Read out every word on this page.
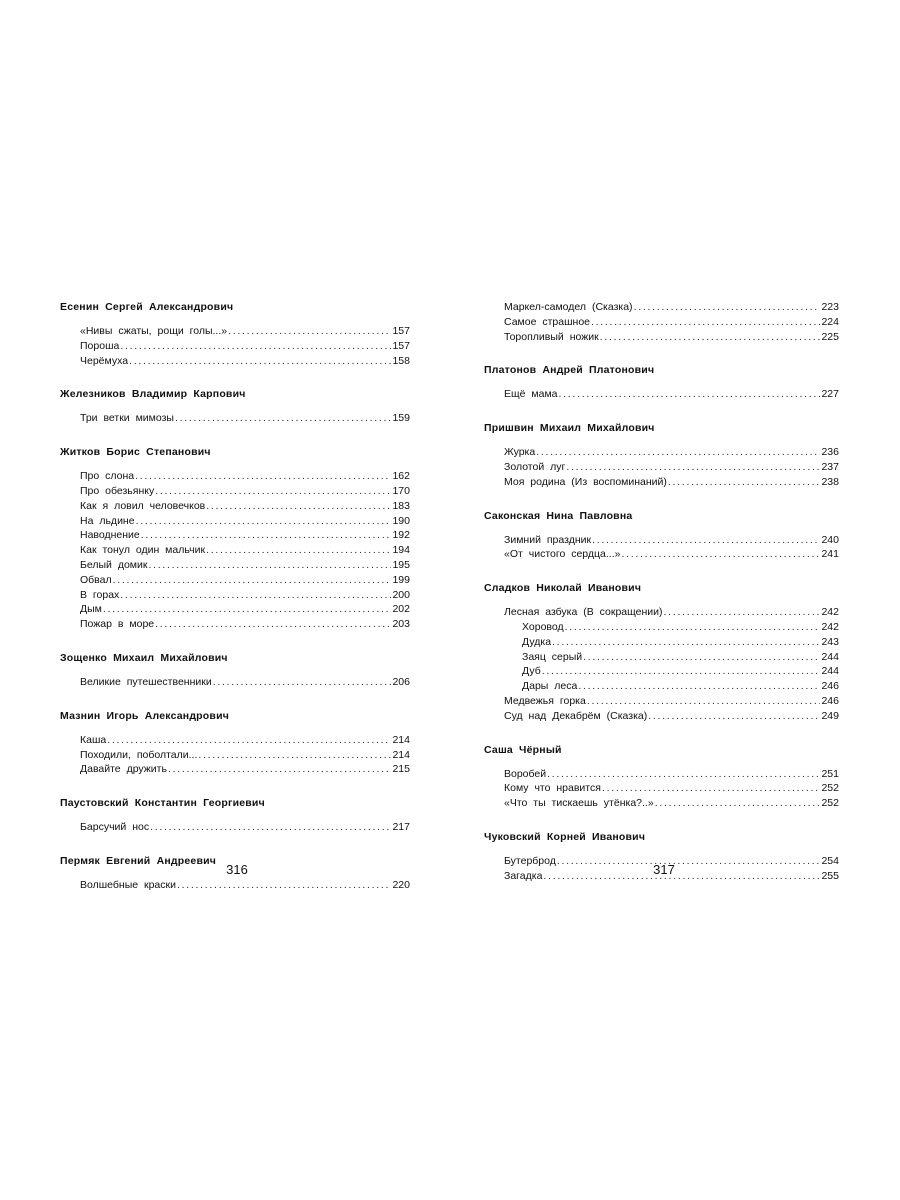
Есенин Сергей Александрович
«Нивы сжаты, рощи голы...» . . .	157
Пороша . . .	157
Черёмуха . . .	158
Железников Владимир Карпович
Три ветки мимозы . . .	159
Житков Борис Степанович
Про слона . . .	162
Про обезьянку . . .	170
Как я ловил человечков . . .	183
На льдине . . .	190
Наводнение . . .	192
Как тонул один мальчик . . .	194
Белый домик . . .	195
Обвал . . .	199
В горах . . .	200
Дым . . .	202
Пожар в море . . .	203
Зощенко Михаил Михайлович
Великие путешественники . . .	206
Мазнин Игорь Александрович
Каша . . .	214
Походили, поболтали... . . .	214
Давайте дружить . . .	215
Паустовский Константин Георгиевич
Барсучий нос . . .	217
Пермяк Евгений Андреевич
Волшебные краски . . .	220
Маркел-самодел (Сказка) . . .	223
Самое страшное . . .	224
Торопливый ножик . . .	225
Платонов Андрей Платонович
Ещё мама . . .	227
Пришвин Михаил Михайлович
Журка . . .	236
Золотой луг . . .	237
Моя родина (Из воспоминаний) . . .	238
Саконская Нина Павловна
Зимний праздник . . .	240
«От чистого сердца...» . . .	241
Сладков Николай Иванович
Лесная азбука (В сокращении) . . .	242
Хоровод . . .	242
Дудка . . .	243
Заяц серый . . .	244
Дуб . . .	244
Дары леса . . .	246
Медвежья горка . . .	246
Суд над Декабрём (Сказка) . . .	249
Саша Чёрный
Воробей . . .	251
Кому что нравится . . .	252
«Что ты тискаешь утёнка?..» . . .	252
Чуковский Корней Иванович
Бутерброд . . .	254
Загадка . . .	255
316	317
